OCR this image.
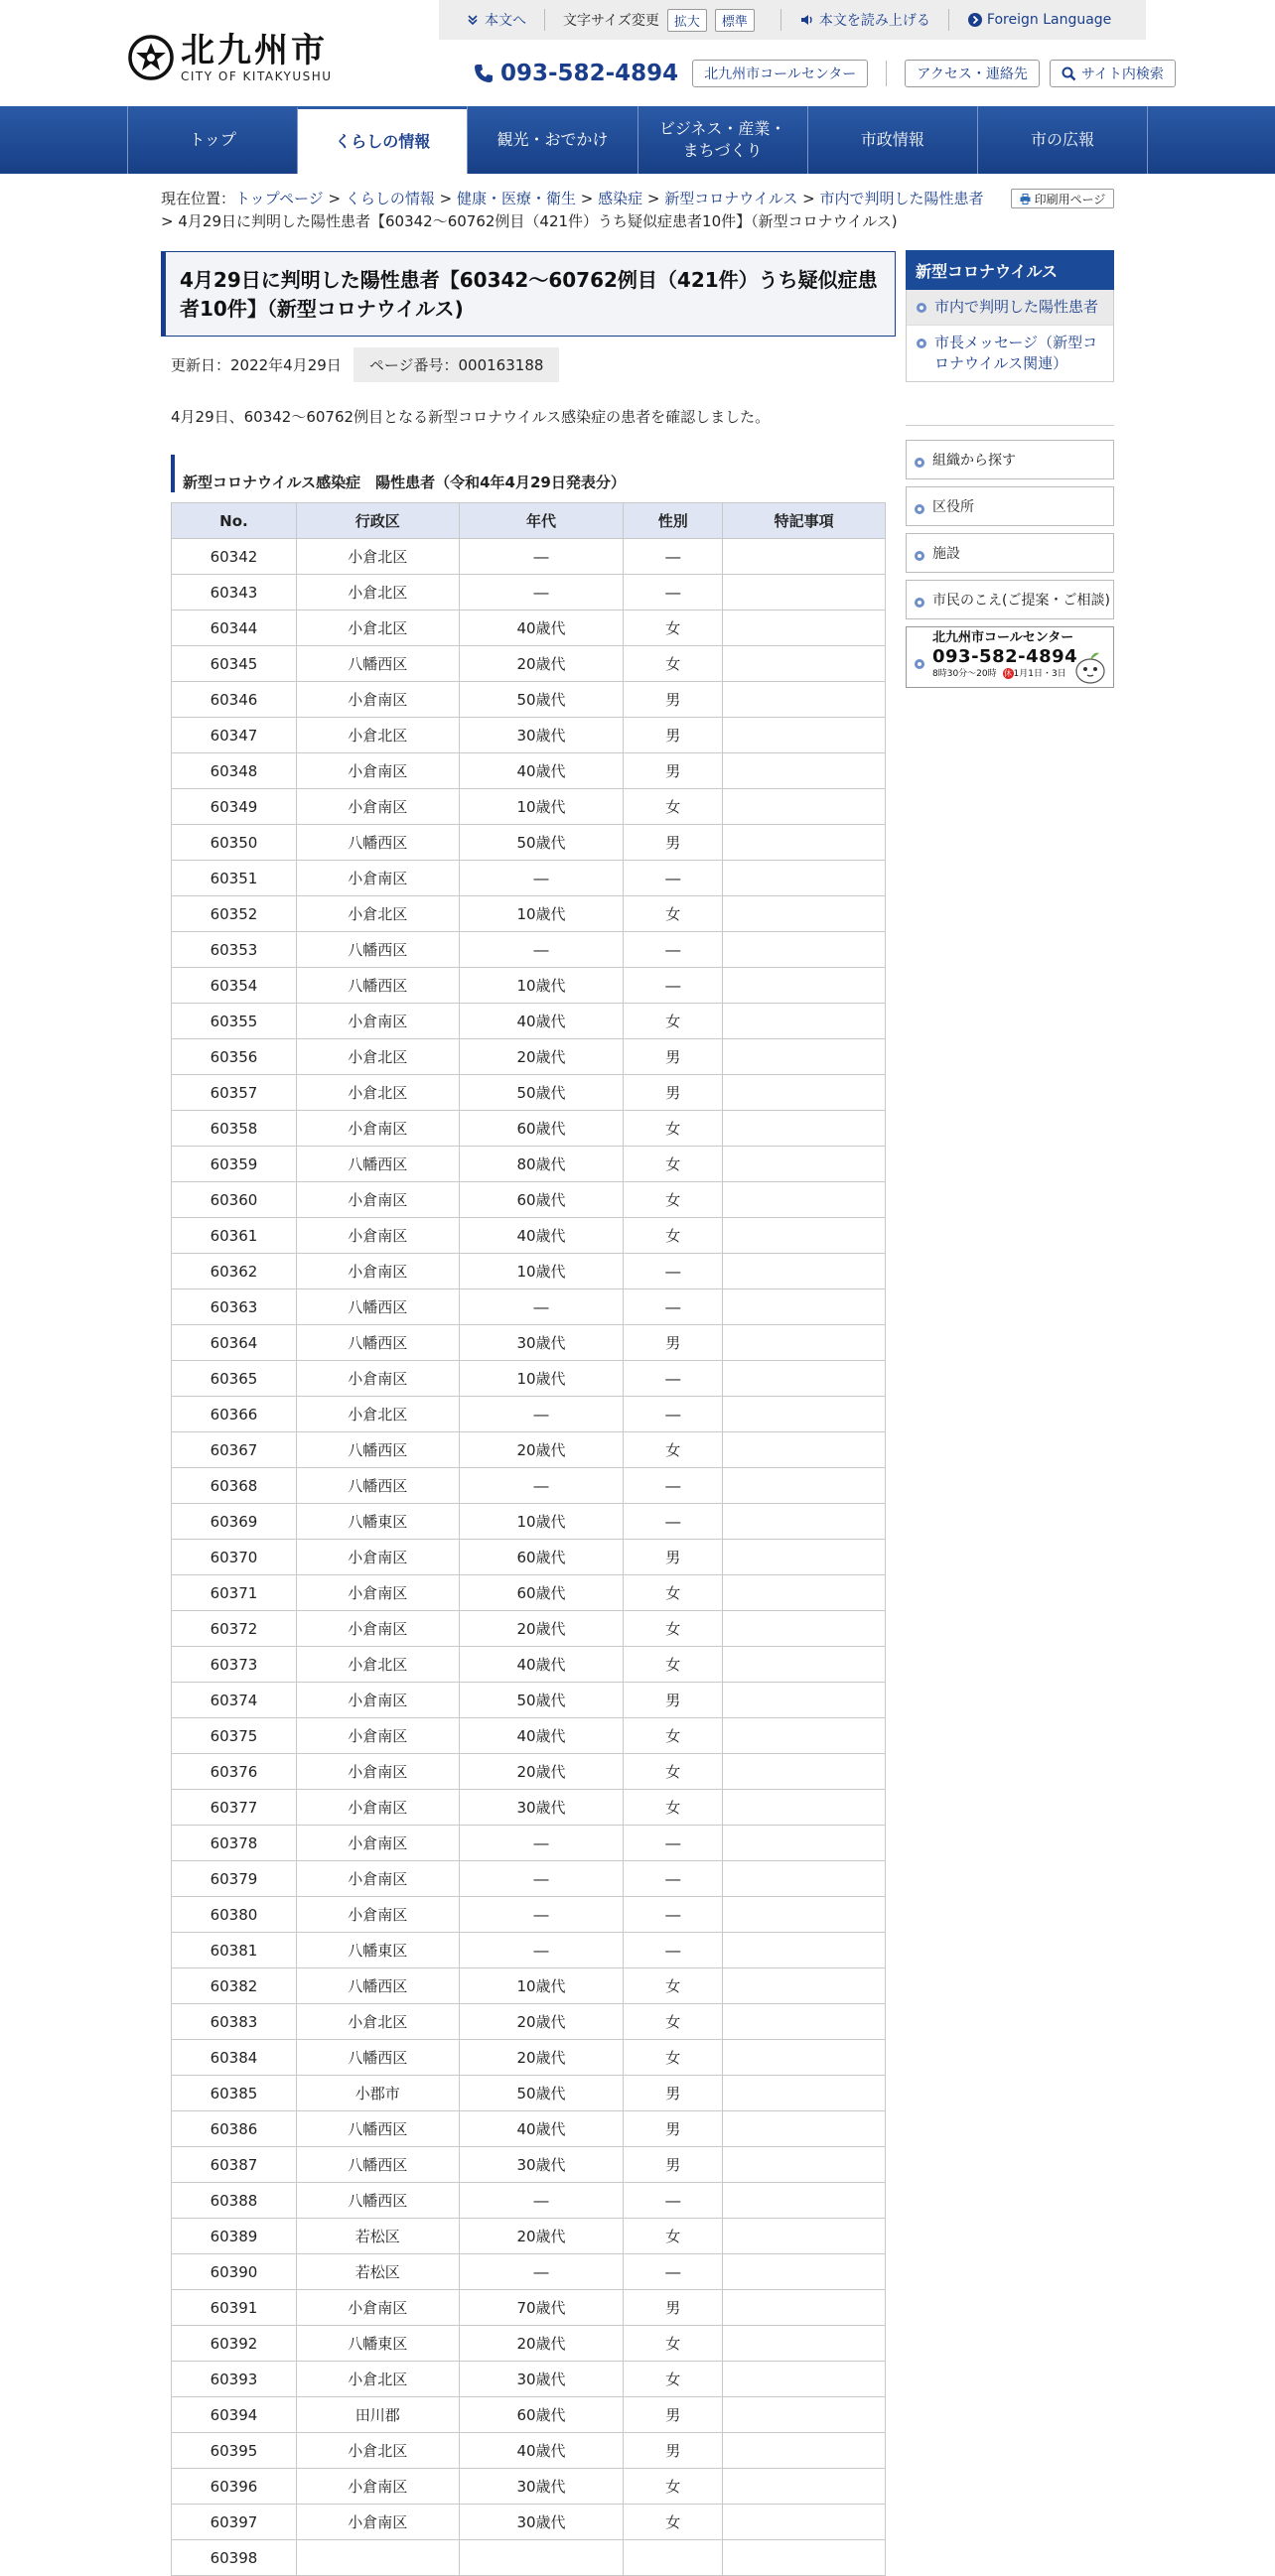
北九州市
CITY OF KITAKYUSHU
本文へ	文字サイズ変更	拡大	標準	本文を読み上げる	Foreign Language
093-582-4894	北九州市コールセンター	アクセス・連絡先	サイト内検索
トップ	くらしの情報	観光・おでかけ
ビジネス・産業・
まちづくり
市政情報	市の広報
現在位置：トップページ > くらしの情報 > 健康・医療・衛生 > 感染症 > 新型コロナウイルス > 市内で判明した陽性患者 > 4月29日に判明した陽性患者【60342～60762例目（421件）うち疑似症患者10件】（新型コロナウイルス)
印刷用ページ
4月29日に判明した陽性患者【60342～60762例目（421件）うち疑似症患者10件】（新型コロナウイルス)
更新日：2022年4月29日	ページ番号：000163188

4月29日、60342～60762例目となる新型コロナウイルス感染症の患者を確認しました。

新型コロナウイルス感染症　陽性患者（令和4年4月29日発表分）
No.	行政区	年代	性別	特記事項
60342	小倉北区	―	―	
60343	小倉北区	―	―	
60344	小倉北区	40歳代	女	
60345	八幡西区	20歳代	女	
60346	小倉南区	50歳代	男	
60347	小倉北区	30歳代	男	
60348	小倉南区	40歳代	男	
60349	小倉南区	10歳代	女	
60350	八幡西区	50歳代	男	
60351	小倉南区	―	―	
60352	小倉北区	10歳代	女	
60353	八幡西区	―	―	
60354	八幡西区	10歳代	―	
60355	小倉南区	40歳代	女	
60356	小倉北区	20歳代	男	
60357	小倉北区	50歳代	男	
60358	小倉南区	60歳代	女	
60359	八幡西区	80歳代	女	
60360	小倉南区	60歳代	女	
60361	小倉南区	40歳代	女	
60362	小倉南区	10歳代	―	
60363	八幡西区	―	―	
60364	八幡西区	30歳代	男	
60365	小倉南区	10歳代	―	
60366	小倉北区	―	―	
60367	八幡西区	20歳代	女	
60368	八幡西区	―	―	
60369	八幡東区	10歳代	―	
60370	小倉南区	60歳代	男	
60371	小倉南区	60歳代	女	
60372	小倉南区	20歳代	女	
60373	小倉北区	40歳代	女	
60374	小倉南区	50歳代	男	
60375	小倉南区	40歳代	女	
60376	小倉南区	20歳代	女	
60377	小倉南区	30歳代	女	
60378	小倉南区	―	―	
60379	小倉南区	―	―	
60380	小倉南区	―	―	
60381	八幡東区	―	―	
60382	八幡西区	10歳代	女	
60383	小倉北区	20歳代	女	
60384	八幡西区	20歳代	女	
60385	小郡市	50歳代	男	
60386	八幡西区	40歳代	男	
60387	八幡西区	30歳代	男	
60388	八幡西区	―	―	
60389	若松区	20歳代	女	
60390	若松区	―	―	
60391	小倉南区	70歳代	男	
60392	八幡東区	20歳代	女	
60393	小倉北区	30歳代	女	
60394	田川郡	60歳代	男	
60395	小倉北区	40歳代	男	
60396	小倉南区	30歳代	女	
60397	小倉南区	30歳代	女	
60398				
新型コロナウイルス
市内で判明した陽性患者
市長メッセージ（新型コロナウイルス関連）
組織から探す
区役所
施設
市民のこえ(ご提案・ご相談)
北九州市コールセンター
093-582-4894
8時30分～20時 休 1月1日・3日
